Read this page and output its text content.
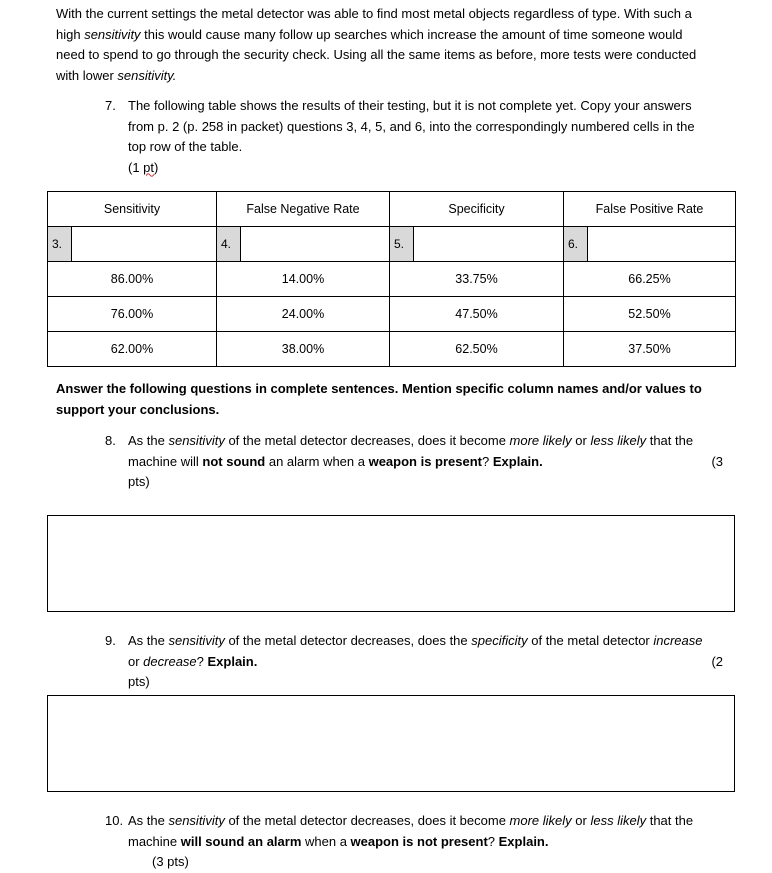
With the current settings the metal detector was able to find most metal objects regardless of type. With such a
high sensitivity this would cause many follow up searches which increase the amount of time someone would
need to spend to go through the security check. Using all the same items as before, more tests were conducted
with lower sensitivity.
7. The following table shows the results of their testing, but it is not complete yet. Copy your answers
from p. 2 (p. 258 in packet) questions 3, 4, 5, and 6, into the correspondingly numbered cells in the
top row of the table.
(1 pt)
Sensitivity	False Negative Rate	Specificity	False Positive Rate

3.	4.	5.	6.

86.00%	14.00%	33.75%	66.25%
76.00%	24.00%	47.50%	52.50%
62.00%	38.00%	62.50%	37.50%
Answer the following questions in complete sentences. Mention specific column names and/or values to
support your conclusions.
8. As the sensitivity of the metal detector decreases, does it become more likely or less likely that the
machine will not sound an alarm when a weapon is present? Explain.	(3
pts)
9. As the sensitivity of the metal detector decreases, does the specificity of the metal detector increase
or decrease? Explain.	(2
pts)
10. As the sensitivity of the metal detector decreases, does it become more likely or less likely that the
machine will sound an alarm when a weapon is not present? Explain.
(3 pts)
